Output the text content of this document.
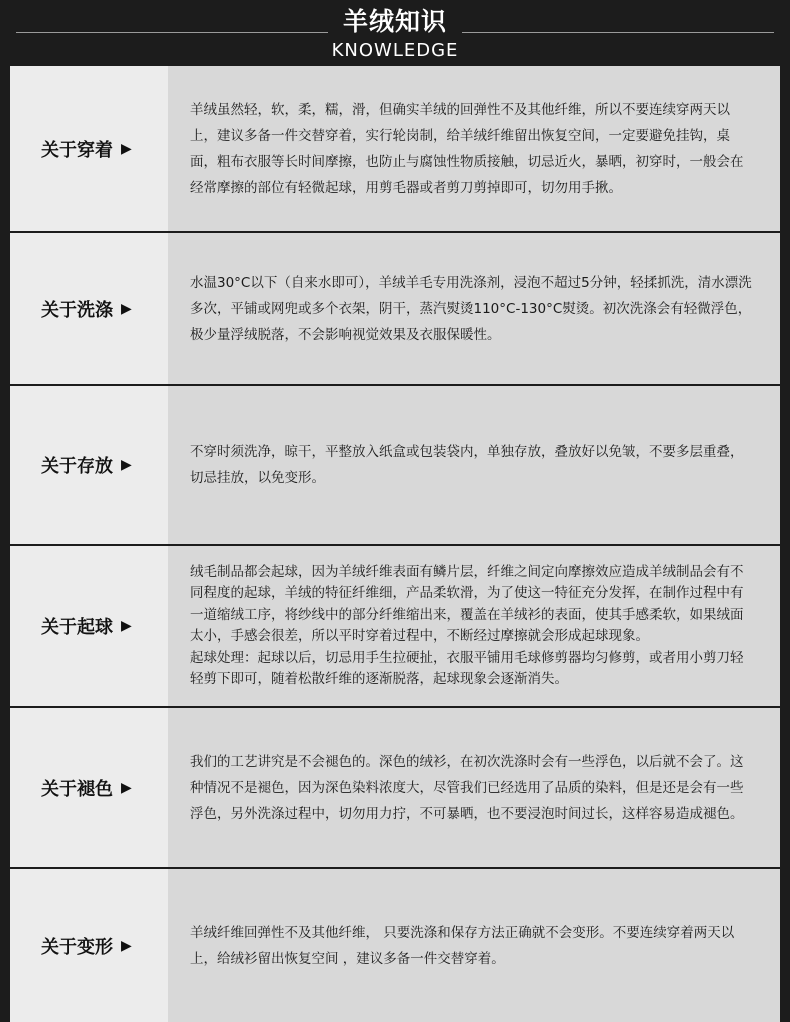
羊绒知识
KNOWLEDGE
关于穿着 ▶

羊绒虽然轻，软，柔，糯，滑，但确实羊绒的回弹性不及其他纤维，所以不要连续穿两天以上，建议多备一件交替穿着，实行轮岗制，给羊绒纤维留出恢复空间，一定要避免挂钩，桌面，粗布衣服等长时间摩擦，也防止与腐蚀性物质接触，切忌近火，暴晒，初穿时，一般会在经常摩擦的部位有轻微起球，用剪毛器或者剪刀剪掉即可，切勿用手揪。

关于洗涤 ▶

水温30°C以下（自来水即可），羊绒羊毛专用洗涤剂，浸泡不超过5分钟，轻揉抓洗，清水漂洗多次，平铺或网兜或多个衣架，阴干，蒸汽熨烫110°C-130°C熨烫。初次洗涤会有轻微浮色，极少量浮绒脱落，不会影响视觉效果及衣服保暖性。

关于存放 ▶

不穿时须洗净，晾干，平整放入纸盒或包装袋内，单独存放，叠放好以免皱，不要多层重叠，切忌挂放，以免变形。

关于起球 ▶

绒毛制品都会起球，因为羊绒纤维表面有鳞片层，纤维之间定向摩擦效应造成羊绒制品会有不同程度的起球，羊绒的特征纤维细，产品柔软滑，为了使这一特征充分发挥，在制作过程中有一道缩绒工序，将纱线中的部分纤维缩出来，覆盖在羊绒衫的表面，使其手感柔软，如果绒面太小，手感会很差，所以平时穿着过程中，不断经过摩擦就会形成起球现象。

起球处理：起球以后，切忌用手生拉硬扯，衣服平铺用毛球修剪器均匀修剪，或者用小剪刀轻轻剪下即可，随着松散纤维的逐渐脱落，起球现象会逐渐消失。

关于褪色 ▶

我们的工艺讲究是不会褪色的。深色的绒衫，在初次洗涤时会有一些浮色，以后就不会了。这种情况不是褪色，因为深色染料浓度大，尽管我们已经选用了品质的染料，但是还是会有一些浮色，另外洗涤过程中，切勿用力拧，不可暴晒，也不要浸泡时间过长，这样容易造成褪色。

关于变形 ▶

羊绒纤维回弹性不及其他纤维， 只要洗涤和保存方法正确就不会变形。不要连续穿着两天以上，给绒衫留出恢复空间 ，建议多备一件交替穿着。
